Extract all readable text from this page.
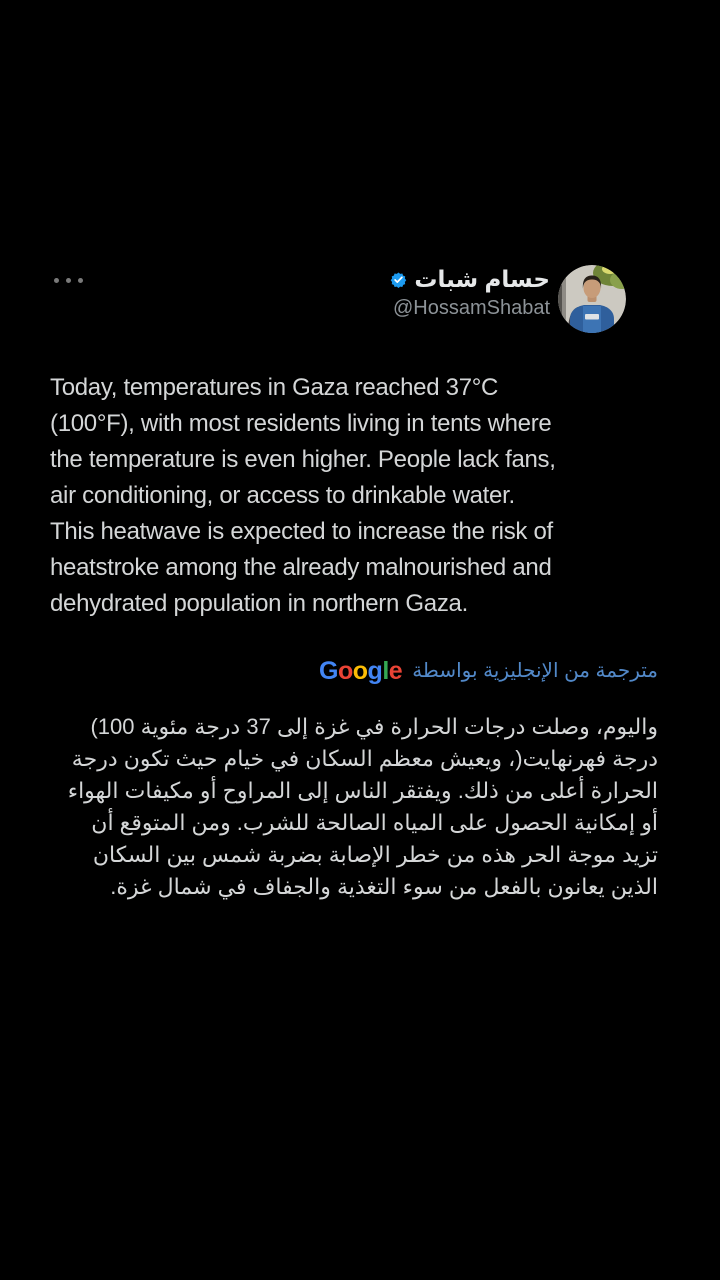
حسام شبات
@HossamShabat
Today, temperatures in Gaza reached 37°C
(100°F), with most residents living in tents where
the temperature is even higher. People lack fans,
air conditioning, or access to drinkable water.
This heatwave is expected to increase the risk of
heatstroke among the already malnourished and
dehydrated population in northern Gaza.
مترجمة من الإنجليزية بواسطة
G o o g l e
واليوم، وصلت درجات الحرارة في غزة إلى 37 درجة مئوية ‎(100
درجة فهرنهايت‎)‎، ويعيش معظم السكان في خيام حيث تكون درجة
الحرارة أعلى من ذلك. ويفتقر الناس إلى المراوح أو مكيفات الهواء
أو إمكانية الحصول على المياه الصالحة للشرب. ومن المتوقع أن
تزيد موجة الحر هذه من خطر الإصابة بضربة شمس بين السكان
الذين يعانون بالفعل من سوء التغذية والجفاف في شمال غزة.
